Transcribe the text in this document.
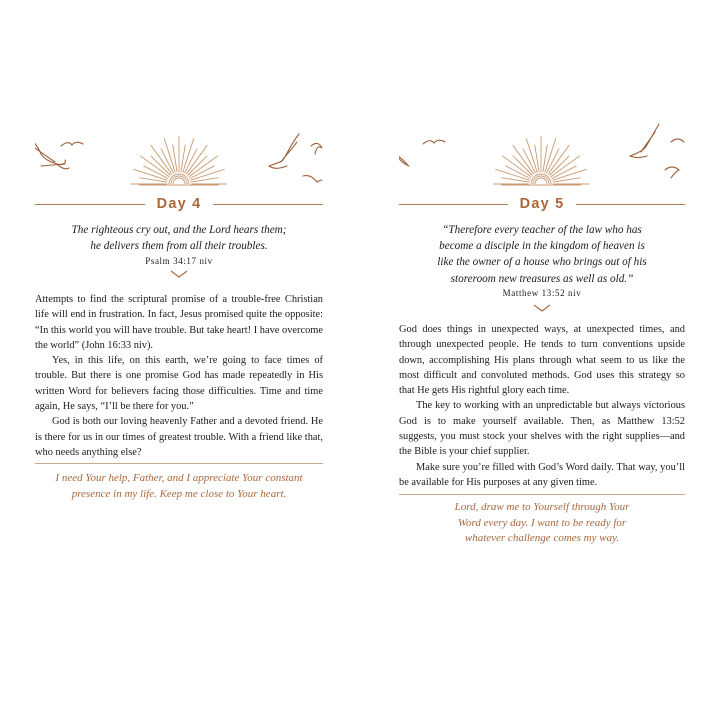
Day 4
The righteous cry out, and the Lord hears them;
he delivers them from all their troubles.
Psalm 34:17 niv

Attempts to find the scriptural promise of a trouble-free Christian life will end in frustration. In fact, Jesus promised quite the opposite: “In this world you will have trouble. But take heart! I have overcome the world” (John 16:33 niv).

Yes, in this life, on this earth, we’re going to face times of trouble. But there is one promise God has made repeatedly in His written Word for believers facing those difficulties. Time and time again, He says, “I’ll be there for you.”

God is both our loving heavenly Father and a devoted friend. He is there for us in our times of greatest trouble. With a friend like that, who needs anything else?

I need Your help, Father, and I appreciate Your constant
presence in my life. Keep me close to Your heart.
Day 5
“Therefore every teacher of the law who has
become a disciple in the kingdom of heaven is
like the owner of a house who brings out of his
storeroom new treasures as well as old.”
Matthew 13:52 niv

God does things in unexpected ways, at unexpected times, and through unexpected people. He tends to turn conventions upside down, accomplishing His plans through what seem to us like the most difficult and convoluted methods. God uses this strategy so that He gets His rightful glory each time.

The key to working with an unpredictable but always victorious God is to make yourself available. Then, as Matthew 13:52 suggests, you must stock your shelves with the right supplies—and the Bible is your chief supplier.

Make sure you’re filled with God’s Word daily. That way, you’ll be available for His purposes at any given time.

Lord, draw me to Yourself through Your
Word every day. I want to be ready for
whatever challenge comes my way.
